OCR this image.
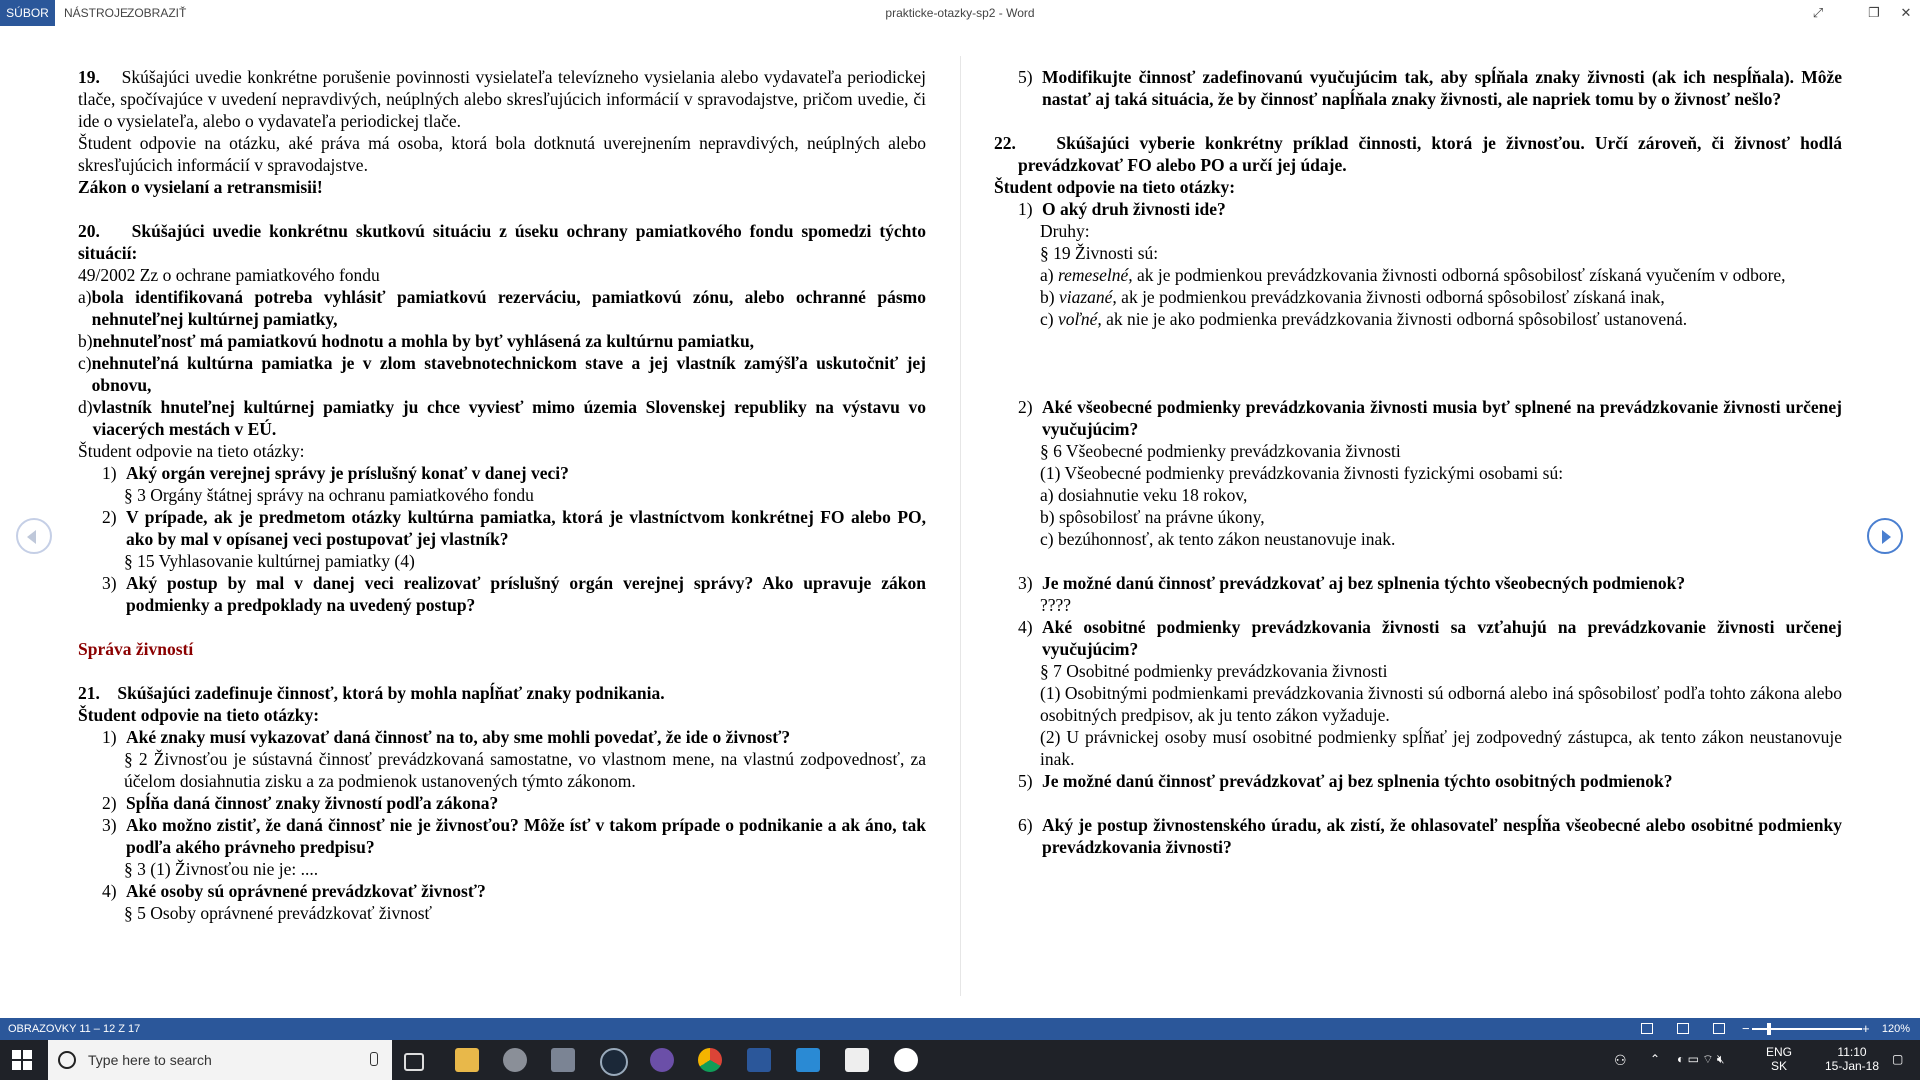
SÚBOR	NÁSTROJE
ZOBRAZIŤ	prakticke-otazky-sp2 - Word	⤢	❐	✕

19. Skúšajúci uvedie konkrétne porušenie povinnosti vysielateľa televízneho vysielania alebo vydavateľa periodickej tlače, spočívajúce v uvedení nepravdivých, neúplných alebo skresľujúcich informácií v spravodajstve, pričom uvedie, či ide o vysielateľa, alebo o vydavateľa periodickej tlače.

Študent odpovie na otázku, aké práva má osoba, ktorá bola dotknutá uverejnením nepravdivých, neúplných alebo skresľujúcich informácií v spravodajstve.

Zákon o vysielaní a retransmisii!

20. Skúšajúci uvedie konkrétnu skutkovú situáciu z úseku ochrany pamiatkového fondu spomedzi týchto situácií:

49/2002 Zz o ochrane pamiatkového fondu

a) bola identifikovaná potreba vyhlásiť pamiatkovú rezerváciu, pamiatkovú zónu, alebo ochranné pásmo nehnuteľnej kultúrnej pamiatky,
b) nehnuteľnosť má pamiatkovú hodnotu a mohla by byť vyhlásená za kultúrnu pamiatku,
c) nehnuteľná kultúrna pamiatka je v zlom stavebnotechnickom stave a jej vlastník zamýšľa uskutočniť jej obnovu,
d) vlastník hnuteľnej kultúrnej pamiatky ju chce vyviesť mimo územia Slovenskej republiky na výstavu vo viacerých mestách v EÚ.

Študent odpovie na tieto otázky:

1) Aký orgán verejnej správy je príslušný konať v danej veci?

§ 3 Orgány štátnej správy na ochranu pamiatkového fondu

2) V prípade, ak je predmetom otázky kultúrna pamiatka, ktorá je vlastníctvom konkrétnej FO alebo PO, ako by mal v opísanej veci postupovať jej vlastník?

§ 15 Vyhlasovanie kultúrnej pamiatky (4)

3) Aký postup by mal v danej veci realizovať príslušný orgán verejnej správy? Ako upravuje zákon podmienky a predpoklady na uvedený postup?

Správa živností

21. Skúšajúci zadefinuje činnosť, ktorá by mohla napĺňať znaky podnikania.

Študent odpovie na tieto otázky:

1) Aké znaky musí vykazovať daná činnosť na to, aby sme mohli povedať, že ide o živnosť?

§ 2 Živnosťou je sústavná činnosť prevádzkovaná samostatne, vo vlastnom mene, na vlastnú zodpovednosť, za účelom dosiahnutia zisku a za podmienok ustanovených týmto zákonom.

2) Spĺňa daná činnosť znaky živností podľa zákona?
3) Ako možno zistiť, že daná činnosť nie je živnosťou? Môže ísť v takom prípade o podnikanie a ak áno, tak podľa akého právneho predpisu?

§ 3 (1) Živnosťou nie je: ....

4) Aké osoby sú oprávnené prevádzkovať živnosť?

§ 5 Osoby oprávnené prevádzkovať živnosť

5) Modifikujte činnosť zadefinovanú vyučujúcim tak, aby spĺňala znaky živnosti (ak ich nespĺňala). Môže nastať aj taká situácia, že by činnosť napĺňala znaky živnosti, ale napriek tomu by o živnosť nešlo?

22. Skúšajúci vyberie konkrétny príklad činnosti, ktorá je živnosťou. Určí zároveň, či živnosť hodlá prevádzkovať FO alebo PO a určí jej údaje.

Študent odpovie na tieto otázky:

1) O aký druh živnosti ide?

Druhy:

§ 19 Živnosti sú:

a) remeselné, ak je podmienkou prevádzkovania živnosti odborná spôsobilosť získaná vyučením v odbore,

b) viazané, ak je podmienkou prevádzkovania živnosti odborná spôsobilosť získaná inak,

c) voľné, ak nie je ako podmienka prevádzkovania živnosti odborná spôsobilosť ustanovená.

2) Aké všeobecné podmienky prevádzkovania živnosti musia byť splnené na prevádzkovanie živnosti určenej vyučujúcim?

§ 6 Všeobecné podmienky prevádzkovania živnosti

(1) Všeobecné podmienky prevádzkovania živnosti fyzickými osobami sú:

a) dosiahnutie veku 18 rokov,

b) spôsobilosť na právne úkony,

c) bezúhonnosť, ak tento zákon neustanovuje inak.

3) Je možné danú činnosť prevádzkovať aj bez splnenia týchto všeobecných podmienok?

????

4) Aké osobitné podmienky prevádzkovania živnosti sa vzťahujú na prevádzkovanie živnosti určenej vyučujúcim?

§ 7 Osobitné podmienky prevádzkovania živnosti

(1) Osobitnými podmienkami prevádzkovania živnosti sú odborná alebo iná spôsobilosť podľa tohto zákona alebo osobitných predpisov, ak ju tento zákon vyžaduje.

(2) U právnickej osoby musí osobitné podmienky spĺňať jej zodpovedný zástupca, ak tento zákon neustanovuje inak.

5) Je možné danú činnosť prevádzkovať aj bez splnenia týchto osobitných podmienok?
6) Aký je postup živnostenského úradu, ak zistí, že ohlasovateľ nespĺňa všeobecné alebo osobitné podmienky prevádzkovania živnosti?
OBRAZOVKY 11 – 12 Z 17	−	+ 120%
Type here to search	⚇ ⌃ ◐ ▭ ⌔ 🔇︎	ENG
SK
11:10
15-Jan-18	▢
